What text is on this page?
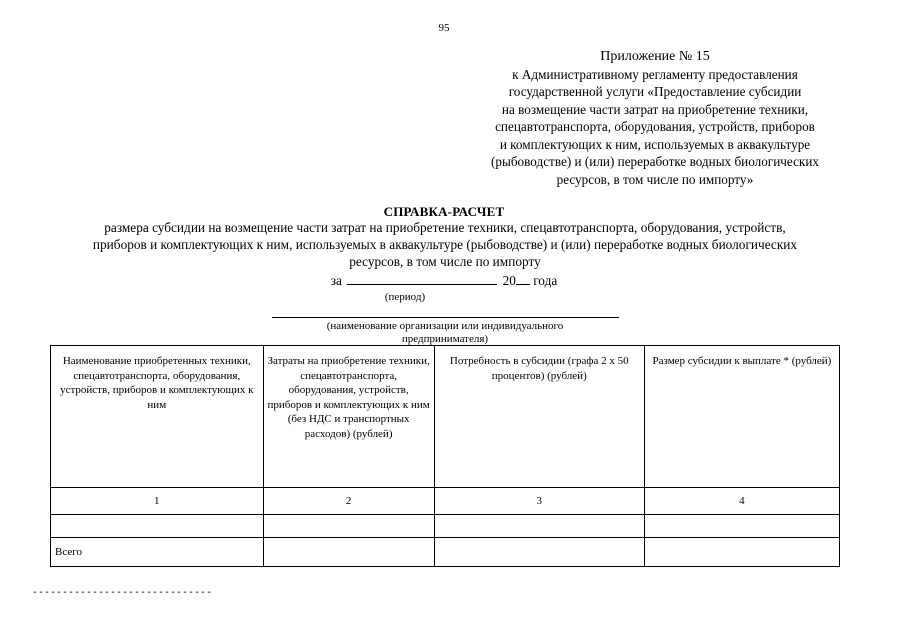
95
Приложение № 15
к Административному регламенту предоставления
государственной услуги «Предоставление субсидии
на возмещение части затрат на приобретение техники,
спецавтотранспорта, оборудования, устройств, приборов
и комплектующих к ним, используемых в аквакультуре
(рыбоводстве) и (или) переработке водных биологических
ресурсов, в том числе по импорту»
СПРАВКА-РАСЧЕТ
размера субсидии на возмещение части затрат на приобретение техники, спецавтотранспорта, оборудования, устройств,
приборов и комплектующих к ним, используемых в аквакультуре (рыбоводстве) и (или) переработке водных биологических
ресурсов, в том числе по импорту
за	20 года
(период)
(наименование организации или индивидуального
предпринимателя)
Наименование приобретенных техники, спецавтотранспорта, оборудования, устройств, приборов и комплектующих к ним	Затраты на приобретение техники, спецавтотранспорта, оборудования, устройств, приборов и комплектующих к ним (без НДС и транспортных расходов) (рублей)	Потребность в субсидии (графа 2 х 50 процентов) (рублей)	Размер субсидии к выплате * (рублей)
1	2	3	4

Всего			
------------------------------
